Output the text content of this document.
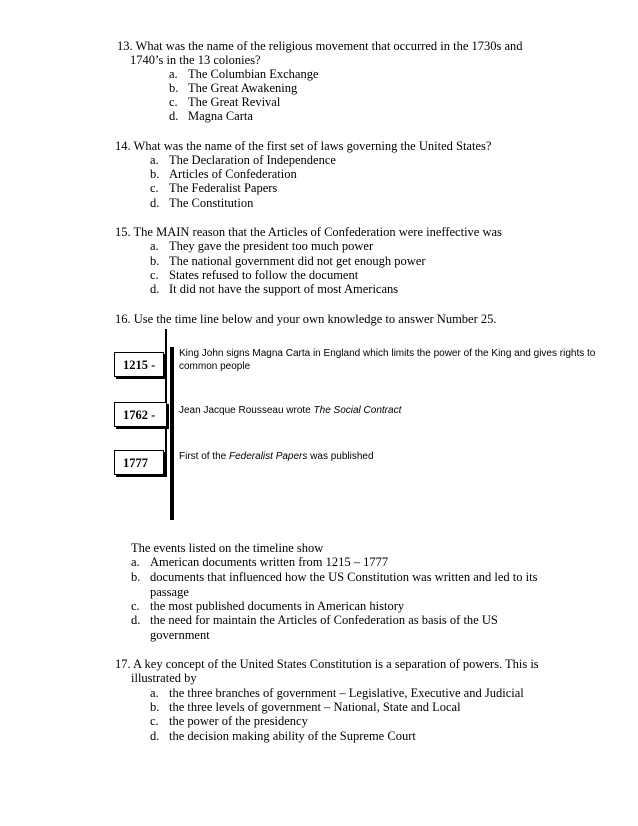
13. What was the name of the religious movement that occurred in the 1730s and
1740’s in the 13 colonies?
a. The Columbian Exchange
b. The Great Awakening
c. The Great Revival
d. Magna Carta
14. What was the name of the first set of laws governing the United States?
a. The Declaration of Independence
b. Articles of Confederation
c. The Federalist Papers
d. The Constitution
15. The MAIN reason that the Articles of Confederation were ineffective was
a. They gave the president too much power
b. The national government did not get enough power
c. States refused to follow the document
d. It did not have the support of most Americans
16. Use the time line below and your own knowledge to answer Number 25.
1215 -
1762 -
1777
King John signs Magna Carta in England which limits the power of the King and gives rights to common people
Jean Jacque Rousseau wrote The Social Contract
First of the Federalist Papers was published
The events listed on the timeline show
a. American documents written from 1215 – 1777
b. documents that influenced how the US Constitution was written and led to its passage
c. the most published documents in American history
d. the need for maintain the Articles of Confederation as basis of the US government
17. A key concept of the United States Constitution is a separation of powers. This is
illustrated by
a. the three branches of government – Legislative, Executive and Judicial
b. the three levels of government – National, State and Local
c. the power of the presidency
d. the decision making ability of the Supreme Court
